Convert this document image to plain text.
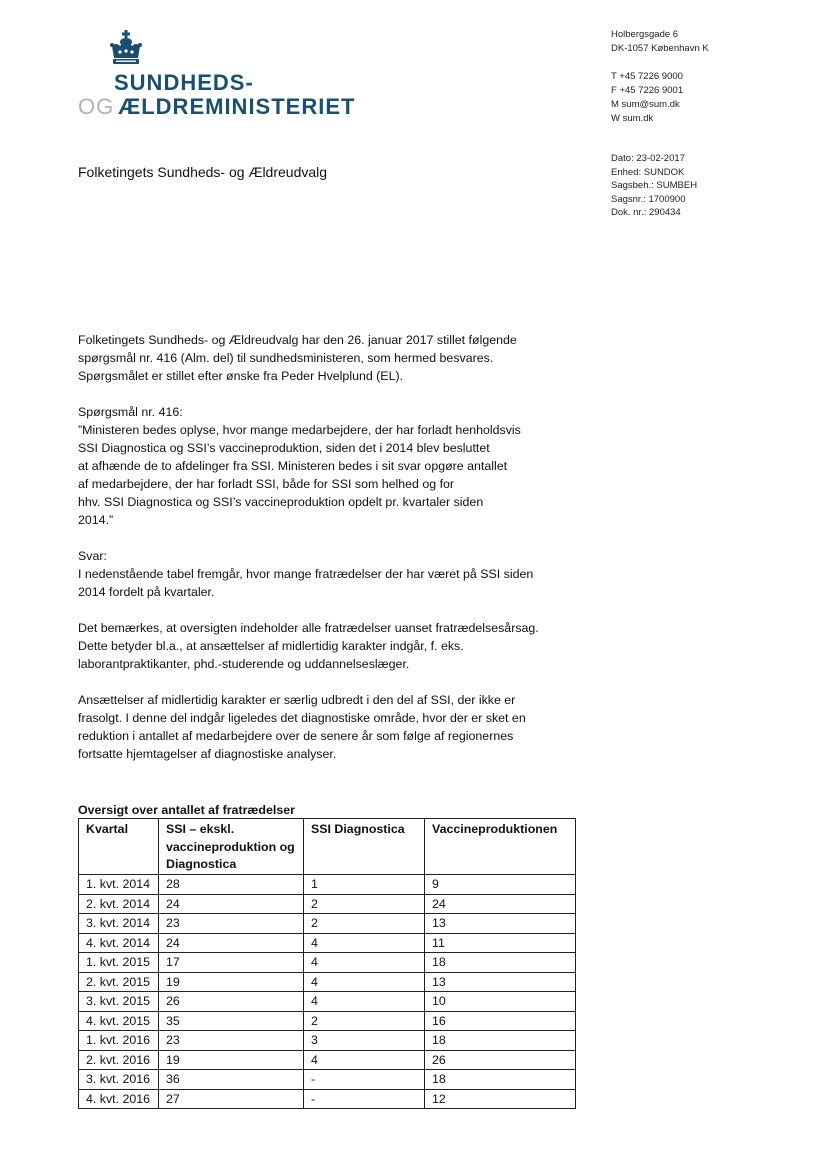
SUNDHEDS-
OG ÆLDREMINISTERIET
Holbergsgade 6
DK-1057 København K
T +45 7226 9000
F +45 7226 9001
M sum@sum.dk
W sum.dk
Dato: 23-02-2017
Enhed: SUNDOK
Sagsbeh.: SUMBEH
Sagsnr.: 1700900
Dok. nr.: 290434
Folketingets Sundheds- og Ældreudvalg

Folketingets Sundheds- og Ældreudvalg har den 26. januar 2017 stillet følgende
spørgsmål nr. 416 (Alm. del) til sundhedsministeren, som hermed besvares.
Spørgsmålet er stillet efter ønske fra Peder Hvelplund (EL).

Spørgsmål nr. 416:
”Ministeren bedes oplyse, hvor mange medarbejdere, der har forladt henholdsvis
SSI Diagnostica og SSI’s vaccineproduktion, siden det i 2014 blev besluttet
at afhænde de to afdelinger fra SSI. Ministeren bedes i sit svar opgøre antallet
af medarbejdere, der har forladt SSI, både for SSI som helhed og for
hhv. SSI Diagnostica og SSI’s vaccineproduktion opdelt pr. kvartaler siden
2014.”

Svar:
I nedenstående tabel fremgår, hvor mange fratrædelser der har været på SSI siden
2014 fordelt på kvartaler.

Det bemærkes, at oversigten indeholder alle fratrædelser uanset fratrædelsesårsag.
Dette betyder bl.a., at ansættelser af midlertidig karakter indgår, f. eks.
laborantpraktikanter, phd.-studerende og uddannelseslæger.

Ansættelser af midlertidig karakter er særlig udbredt i den del af SSI, der ikke er
frasolgt. I denne del indgår ligeledes det diagnostiske område, hvor der er sket en
reduktion i antallet af medarbejdere over de senere år som følge af regionernes
fortsatte hjemtagelser af diagnostiske analyser.

Oversigt over antallet af fratrædelser
Kvartal	SSI – ekskl. vaccineproduktion og Diagnostica	SSI Diagnostica	Vaccineproduktionen
1. kvt. 2014	28	1	9
2. kvt. 2014	24	2	24
3. kvt. 2014	23	2	13
4. kvt. 2014	24	4	11
1. kvt. 2015	17	4	18
2. kvt. 2015	19	4	13
3. kvt. 2015	26	4	10
4. kvt. 2015	35	2	16
1. kvt. 2016	23	3	18
2. kvt. 2016	19	4	26
3. kvt. 2016	36	-	18
4. kvt. 2016	27	-	12
